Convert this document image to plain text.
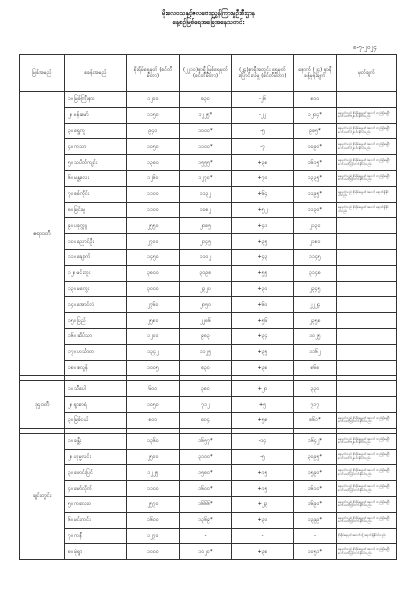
မိုးလေဝသနှင့်ဇလဗေဒညွှန်ကြားမှုဦးစီးဌာန
နေ့စဉ်မြစ်ရေအခြေအနေသတင်း
၈-၇-၂၀၂၄
မြစ်အမည်	စခန်းအမည်	စိုးရိမ်ရေမှတ် (စင်တီမီတာ)	(၂၂၁၀)နာရီ မြစ်ရေမှတ် (စင်တီမီတာ)	(၂၄)နာရီအတွင်း ရေမှတ်ပြောင်းလဲမှု (စင်တီမီတာ)	နောက် (၂၄) နာရီ ခန့်မှန်းချက်	မှတ်ချက်
ဧရာဝတီ	၁။ မြစ်ကြီးနား	၁၂၀၀	၈၃၀	-၂၆	၈၀၀	
	၂။ ဗန်းမော်	၁၁၅၀	၁၂၂၅*	-၂၂	၁၂၀၄*	ရေမှတ်သည် စိုးရိမ်ရေမှတ်အထက် တည်ရှိနေပြီး ဆက်လက်ကျဆင်းနိုင်ပါသည်။
	၃။ ရွှေကူ	၉၄၀	၁၀၀၀*	-၅	၉၈၅*	ရေမှတ်သည် စိုးရိမ်ရေမှတ်အထက် တည်ရှိနေပြီး ဆက်လက်ကျဆင်းနိုင်ပါသည်။
	၄။ ကသာ	၁၀၅၀	၁၁၀၀*	-၇	၁၀၉၀*	ရေမှတ်သည် စိုးရိမ်ရေမှတ်အထက် တည်ရှိနေပြီး ဆက်လက်ကျဆင်းနိုင်ပါသည်။
	၅။ သပိတ်ကျင်း	၁၃၈၀	၁၅၅၅*	+၃၈	၁၆၁၅*	ရေမှတ်သည် စိုးရိမ်ရေမှတ်အထက် တည်ရှိနေပြီး ဆက်လက်မြင့်တက်နိုင်ပါသည်။
	၆။ မန္တလေး	၁၂၆၀	၁၂၇၀*	+၇၀	၁၃၃၅*	ရေမှတ်သည် စိုးရိမ်ရေမှတ်အထက် တည်ရှိနေပြီး ဆက်လက်မြင့်တက်နိုင်ပါသည်။
	၇။ စစ်ကိုင်း	၁၁၀၀	၁၁၃၂	+၆၄	၁၁၉၅*	ရေမှတ်သည် စိုးရိမ်ရေမှတ်အထက် ရောက်ရှိနိုင်ပါသည်။
	၈။ မြင်းမူ	၁၁၀၀	၁၀၈၂	+၅၂	၁၁၃၀*	ရေမှတ်သည် စိုးရိမ်ရေမှတ်အထက် ရောက်ရှိနိုင်ပါသည်။
	၉။ ပခုက္ကူ	၂၅၅၀	၂၀၈၅	+၄၁	၂၁၃၀	
	၁၀။ ညောင်ဦး	၂၇၀၀	၂၁၄၅	+၃၅	၂၁၈၀	
	၁၁။ ချောက်	၁၄၅၀	၁၁၀၂	+၄၃	၁၁၄၅	
	၁၂။ မင်းဘူး	၃၈၀၀	၃၀၉၈	+၅၅	၃၁၄၈	
	၁၃။ မကွေး	၃၀၀၀	၂၃၂၀	+၃၀	၂၃၄၅	
	၁၄။ အောင်လံ	၂၇၆၀	၂၀၅၀	+၆၀	၂၂၂၄	
	၁၅။ ပြည်	၂၅၈၀	၂၂၈၆	+၅၆	၂၃၅၈	
	၁၆။ ဆိပ်သာ	၁၂၀၀	၉၈၃	+၃၄	၁၀၂၅	
	၁၇။ ဟင်္သာတ	၁၃၄၂	၁၁၂၅	+၃၅	၁၁၆၂	
	၁၈။ ဇလွန်	၁၀၀၅	၈၃၀	+၃၈	၈၆၈	

ဒုဌဝတီ	၁။ သီပေါ	၆၀၀	၃၈၀	+၂၀	၃၃၀	
	၂။ ရွာစာရံ	၁၀၅၀	၇၁၂	+၅	၇၁၇	
	၃။ မြစ်ငယ်	၈၀၀	၈၀၄	+၅၈	၈၆၁*	ရေမှတ်သည် စိုးရိမ်ရေမှတ်အထက် တည်ရှိနေပြီး ဆက်လက်မြင့်တက်နိုင်ပါသည်။

ချင်းတွင်း	၁။ ခန္တီး	၁၃၆၀	၁၆၅၇*	-၁၄	၁၆၄၂*	ရေမှတ်သည် စိုးရိမ်ရေမှတ်အထက် တည်ရှိနေပြီး ဆက်လက်ကျဆင်းနိုင်ပါသည်။
	၂။ ဟုမ္မလင်း	၂၅၀၀	၃၁၀၀*	-၅	၃၀၉၅*	ရေမှတ်သည် စိုးရိမ်ရေမှတ်အထက် တည်ရှိနေပြီး ဆက်လက်ကျဆင်းနိုင်ပါသည်။
	၃။ ဖောင်းပြင်	၁၂၂၅	၁၅၈၀*	+၁၅	၁၅၉၀*	ရေမှတ်သည် စိုးရိမ်ရေမှတ်အထက် တည်ရှိနေပြီး ဆက်လက်မြင့်တက်နိုင်ပါသည်။
	၄။ မော်လိုက်	၁၁၀၀	၁၆၀၀*	+၁၅	၁၆၁၀*	ရေမှတ်သည် စိုးရိမ်ရေမှတ်အထက် တည်ရှိနေပြီး ဆက်လက်မြင့်တက်နိုင်ပါသည်။
	၅။ ကလေးဝ	၂၅၇၀	၁၆၆၆*	+၂၃	၁၆၉၀*	ရေမှတ်သည် စိုးရိမ်ရေမှတ်အထက် တည်ရှိနေပြီး ဆက်လက်မြင့်တက်နိုင်ပါသည်။
	၆။ မင်းကင်း	၁၆၀၀	၁၃၆၉*	+၃၀	၁၃၉၉*	ရေမှတ်သည် စိုးရိမ်ရေမှတ်အထက် တည်ရှိနေပြီး ဆက်လက်မြင့်တက်နိုင်ပါသည်။
	၇။ ကနီ	၁၂၇၀	-	-	-	စိုးရိမ်ရေမှတ်အထက်သို့ ရောက်ရှိနိုင်ပါသည်။
	၈။ မုံရွာ	၁၀၀၀	၁၀၂၀*	+၃၈	၁၀၅၁*	ရေမှတ်သည် စိုးရိမ်ရေမှတ်အထက် တည်ရှိနေပြီး ဆက်လက်မြင့်တက်နိုင်ပါသည်။
